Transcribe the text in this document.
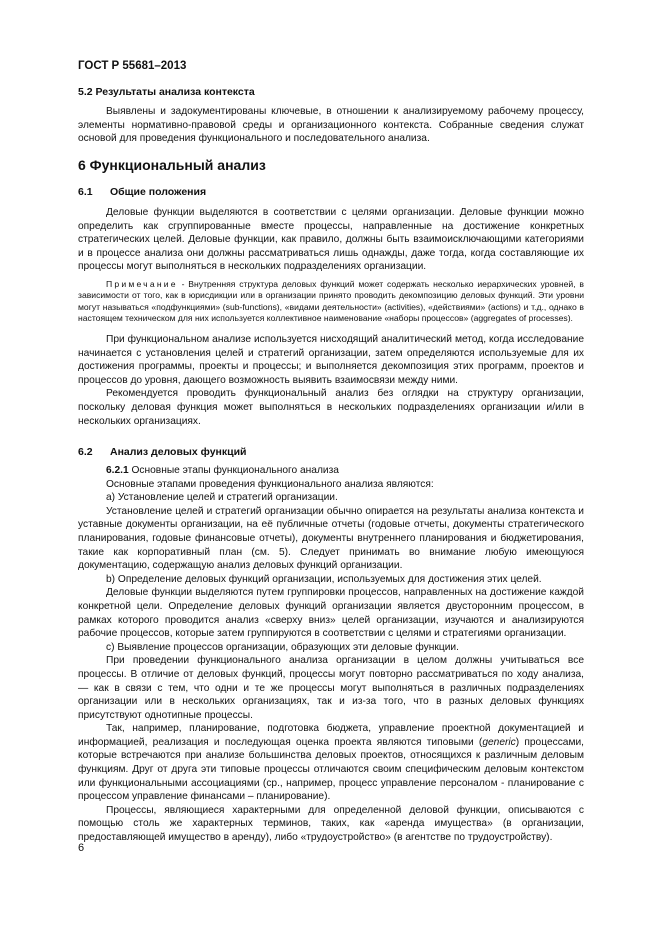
ГОСТ Р 55681–2013
5.2 Результаты анализа контекста

Выявлены и задокументированы ключевые, в отношении к анализируемому рабочему процессу, элементы нормативно-правовой среды и организационного контекста. Собранные сведения служат основой для проведения функционального и последовательного анализа.

6 Функциональный анализ
6.1 Общие положения

Деловые функции выделяются в соответствии с целями организации. Деловые функции можно определить как сгруппированные вместе процессы, направленные на достижение конкретных стратегических целей. Деловые функции, как правило, должны быть взаимоисключающими категориями и в процессе анализа они должны рассматриваться лишь однажды, даже тогда, когда составляющие их процессы могут выполняться в нескольких подразделениях организации.

Примечание - Внутренняя структура деловых функций может содержать несколько иерархических уровней, в зависимости от того, как в юрисдикции или в организации принято проводить декомпозицию деловых функций. Эти уровни могут называться «подфункциями» (sub-functions), «видами деятельности» (activities), «действиями» (actions) и т.д., однако в настоящем техническом для них используется коллективное наименование «наборы процессов» (aggregates of processes).

При функциональном анализе используется нисходящий аналитический метод, когда исследование начинается с установления целей и стратегий организации, затем определяются используемые для их достижения программы, проекты и процессы; и выполняется декомпозиция этих программ, проектов и процессов до уровня, дающего возможность выявить взаимосвязи между ними.

Рекомендуется проводить функциональный анализ без оглядки на структуру организации, поскольку деловая функция может выполняться в нескольких подразделениях организации и/или в нескольких организациях.

6.2 Анализ деловых функций

6.2.1 Основные этапы функционального анализа

Основные этапами проведения функционального анализа являются:

а) Установление целей и стратегий организации.

Установление целей и стратегий организации обычно опирается на результаты анализа контекста и уставные документы организации, на её публичные отчеты (годовые отчеты, документы стратегического планирования, годовые финансовые отчеты), документы внутреннего планирования и бюджетирования, такие как корпоративный план (см. 5). Следует принимать во внимание любую имеющуюся документацию, содержащую анализ деловых функций организации.

b) Определение деловых функций организации, используемых для достижения этих целей.

Деловые функции выделяются путем группировки процессов, направленных на достижение каждой конкретной цели. Определение деловых функций организации является двусторонним процессом, в рамках которого проводится анализ «сверху вниз» целей организации, изучаются и анализируются рабочие процессов, которые затем группируются в соответствии с целями и стратегиями организации.

с) Выявление процессов организации, образующих эти деловые функции.

При проведении функционального анализа организации в целом должны учитываться все процессы. В отличие от деловых функций, процессы могут повторно рассматриваться по ходу анализа, — как в связи с тем, что одни и те же процессы могут выполняться в различных подразделениях организации или в нескольких организациях, так и из-за того, что в разных деловых функциях присутствуют однотипные процессы.

Так, например, планирование, подготовка бюджета, управление проектной документацией и информацией, реализация и последующая оценка проекта являются типовыми (generic) процессами, которые встречаются при анализе большинства деловых проектов, относящихся к различным деловым функциям. Друг от друга эти типовые процессы отличаются своим специфическим деловым контекстом или функциональными ассоциациями (ср., например, процесс управление персоналом - планирование с процессом управление финансами – планирование).

Процессы, являющиеся характерными для определенной деловой функции, описываются с помощью столь же характерных терминов, таких, как «аренда имущества» (в организации, предоставляющей имущество в аренду), либо «трудоустройство» (в агентстве по трудоустройству).

6
